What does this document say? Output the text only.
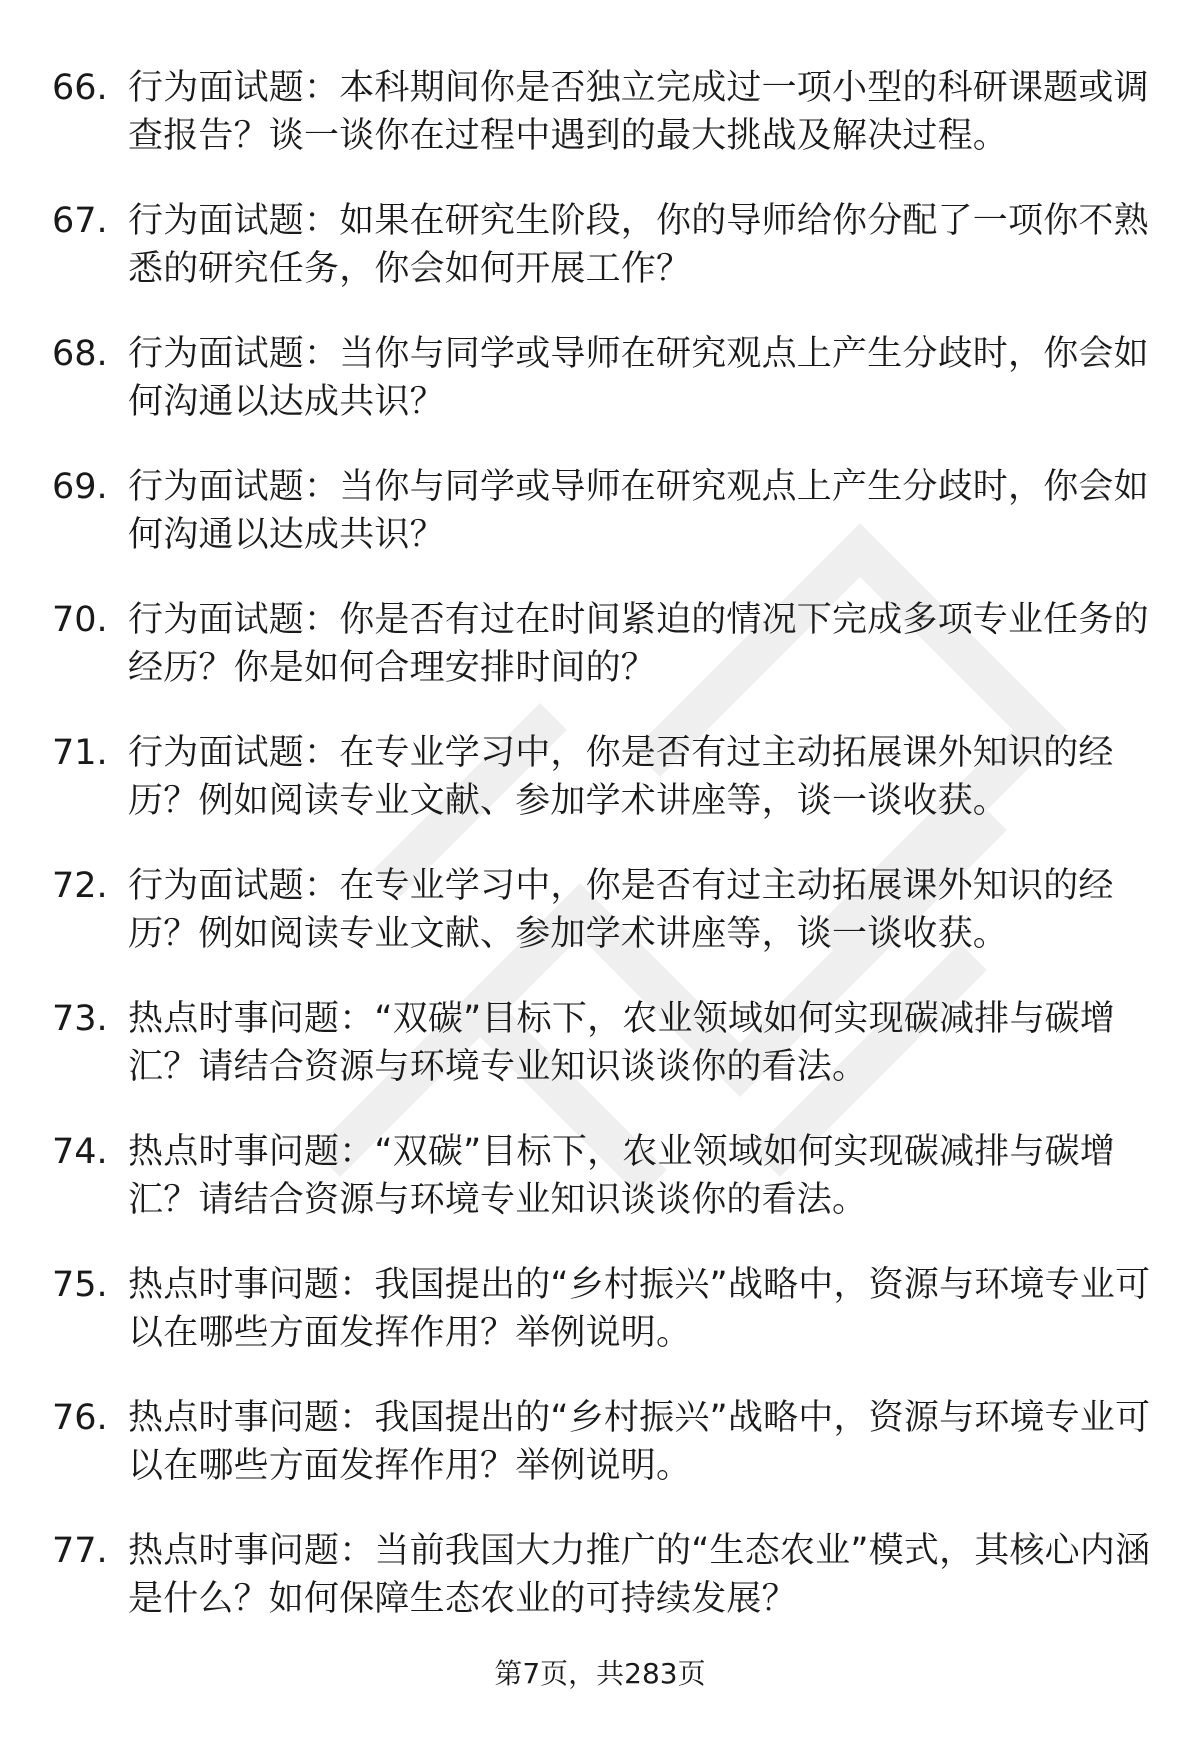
66. 行为面试题：本科期间你是否独立完成过一项小型的科研课题或调查报告？谈一谈你在过程中遇到的最大挑战及解决过程。
67. 行为面试题：如果在研究生阶段，你的导师给你分配了一项你不熟悉的研究任务，你会如何开展工作？
68. 行为面试题：当你与同学或导师在研究观点上产生分歧时，你会如何沟通以达成共识？
69. 行为面试题：当你与同学或导师在研究观点上产生分歧时，你会如何沟通以达成共识？
70. 行为面试题：你是否有过在时间紧迫的情况下完成多项专业任务的经历？你是如何合理安排时间的？
71. 行为面试题：在专业学习中，你是否有过主动拓展课外知识的经历？例如阅读专业文献、参加学术讲座等，谈一谈收获。
72. 行为面试题：在专业学习中，你是否有过主动拓展课外知识的经历？例如阅读专业文献、参加学术讲座等，谈一谈收获。
73. 热点时事问题：“双碳”目标下，农业领域如何实现碳减排与碳增汇？请结合资源与环境专业知识谈谈你的看法。
74. 热点时事问题：“双碳”目标下，农业领域如何实现碳减排与碳增汇？请结合资源与环境专业知识谈谈你的看法。
75. 热点时事问题：我国提出的“乡村振兴”战略中，资源与环境专业可以在哪些方面发挥作用？举例说明。
76. 热点时事问题：我国提出的“乡村振兴”战略中，资源与环境专业可以在哪些方面发挥作用？举例说明。
77. 热点时事问题：当前我国大力推广的“生态农业”模式，其核心内涵是什么？如何保障生态农业的可持续发展？
第7页，共283页
